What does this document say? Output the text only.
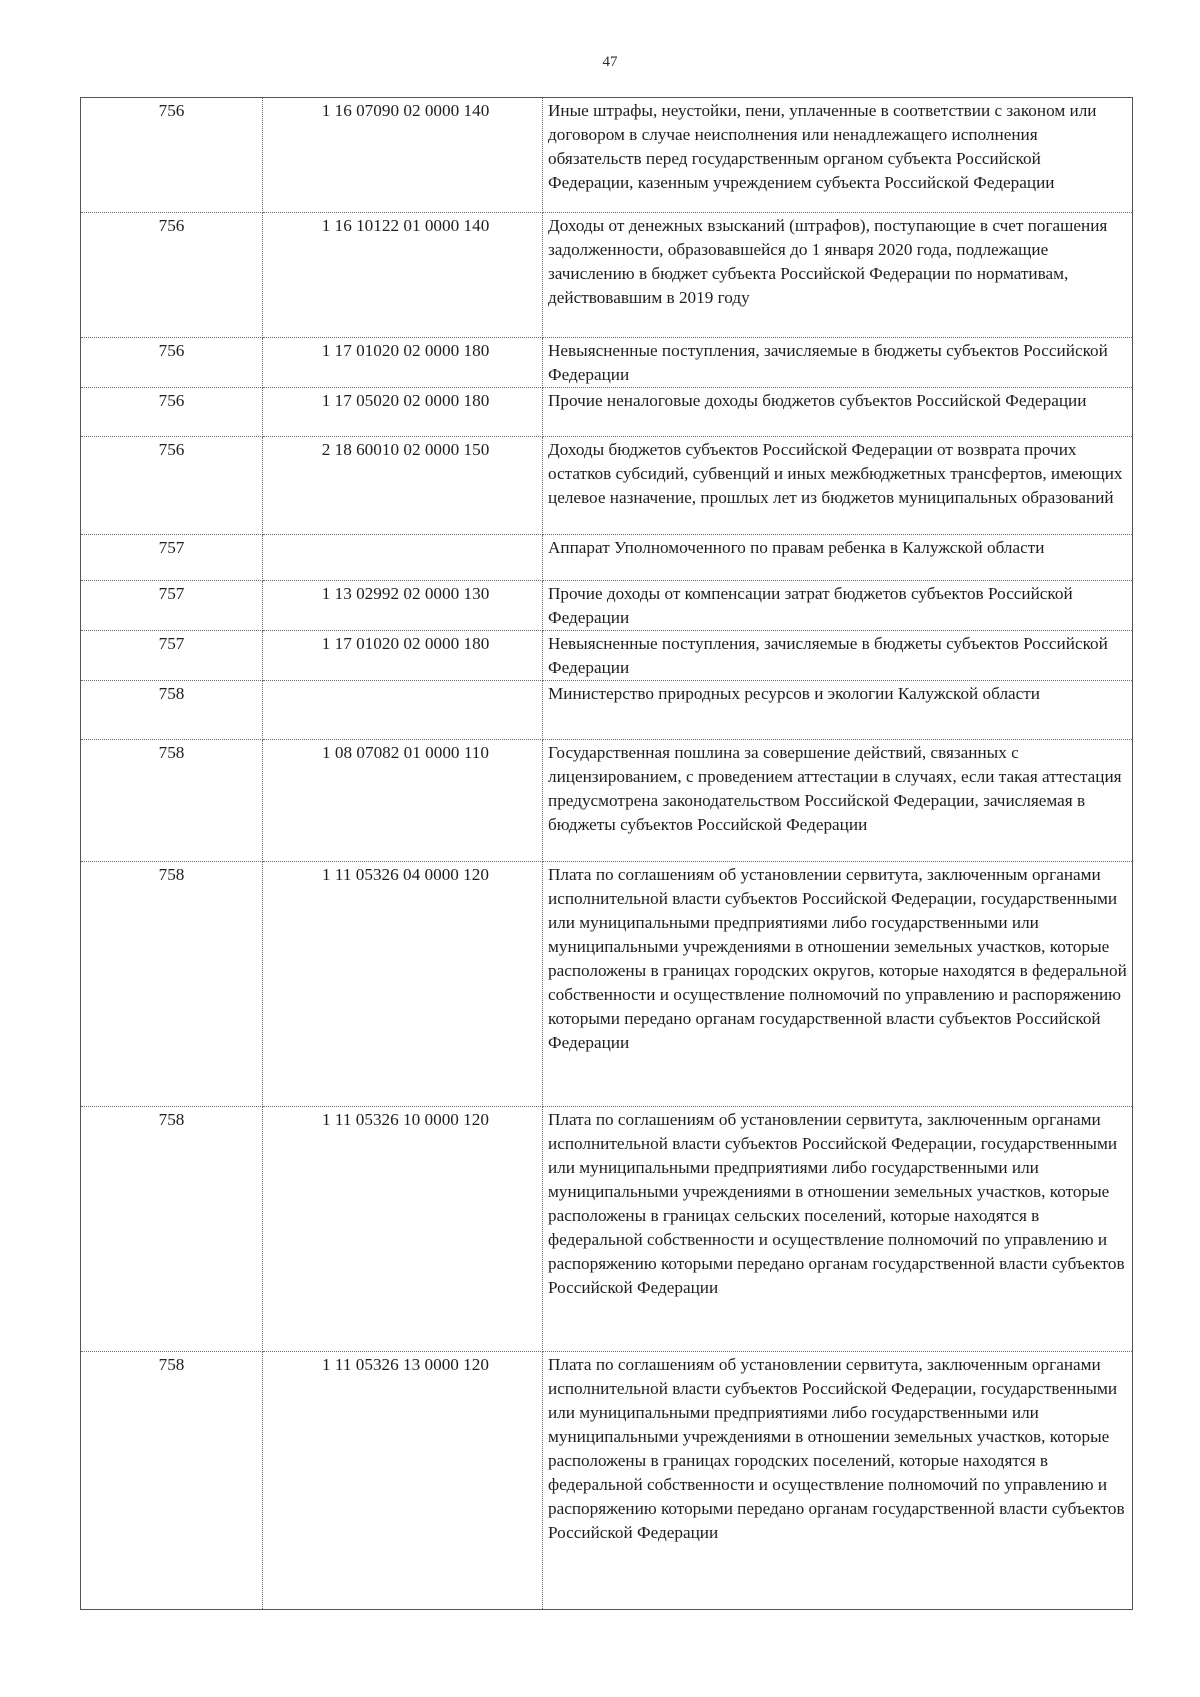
47
756	1 16 07090 02 0000 140	Иные штрафы, неустойки, пени, уплаченные в соответствии с законом или договором в случае неисполнения или ненадлежащего исполнения обязательств перед государственным органом субъекта Российской Федерации, казенным учреждением субъекта Российской Федерации
756	1 16 10122 01 0000 140	Доходы от денежных взысканий (штрафов), поступающие в счет погашения задолженности, образовавшейся до 1 января 2020 года, подлежащие зачислению в бюджет субъекта Российской Федерации по нормативам, действовавшим в 2019 году
756	1 17 01020 02 0000 180	Невыясненные поступления, зачисляемые в бюджеты субъектов Российской Федерации
756	1 17 05020 02 0000 180	Прочие неналоговые доходы бюджетов субъектов Российской Федерации
756	2 18 60010 02 0000 150	Доходы бюджетов субъектов Российской Федерации от возврата прочих остатков субсидий, субвенций и иных межбюджетных трансфертов, имеющих целевое назначение, прошлых лет из бюджетов муниципальных образований
757		Аппарат Уполномоченного по правам ребенка в Калужской области
757	1 13 02992 02 0000 130	Прочие доходы от компенсации затрат бюджетов субъектов Российской Федерации
757	1 17 01020 02 0000 180	Невыясненные поступления, зачисляемые в бюджеты субъектов Российской Федерации
758		Министерство природных ресурсов и экологии Калужской области
758	1 08 07082 01 0000 110	Государственная пошлина за совершение действий, связанных с лицензированием, с проведением аттестации в случаях, если такая аттестация предусмотрена законодательством Российской Федерации, зачисляемая в бюджеты субъектов Российской Федерации
758	1 11 05326 04 0000 120	Плата по соглашениям об установлении сервитута, заключенным органами исполнительной власти субъектов Российской Федерации, государственными или муниципальными предприятиями либо государственными или муниципальными учреждениями в отношении земельных участков, которые расположены в границах городских округов, которые находятся в федеральной собственности и осуществление полномочий по управлению и распоряжению которыми передано органам государственной власти субъектов Российской Федерации
758	1 11 05326 10 0000 120	Плата по соглашениям об установлении сервитута, заключенным органами исполнительной власти субъектов Российской Федерации, государственными или муниципальными предприятиями либо государственными или муниципальными учреждениями в отношении земельных участков, которые расположены в границах сельских поселений, которые находятся в федеральной собственности и осуществление полномочий по управлению и распоряжению которыми передано органам государственной власти субъектов Российской Федерации
758	1 11 05326 13 0000 120	Плата по соглашениям об установлении сервитута, заключенным органами исполнительной власти субъектов Российской Федерации, государственными или муниципальными предприятиями либо государственными или муниципальными учреждениями в отношении земельных участков, которые расположены в границах городских поселений, которые находятся в федеральной собственности и осуществление полномочий по управлению и распоряжению которыми передано органам государственной власти субъектов Российской Федерации
